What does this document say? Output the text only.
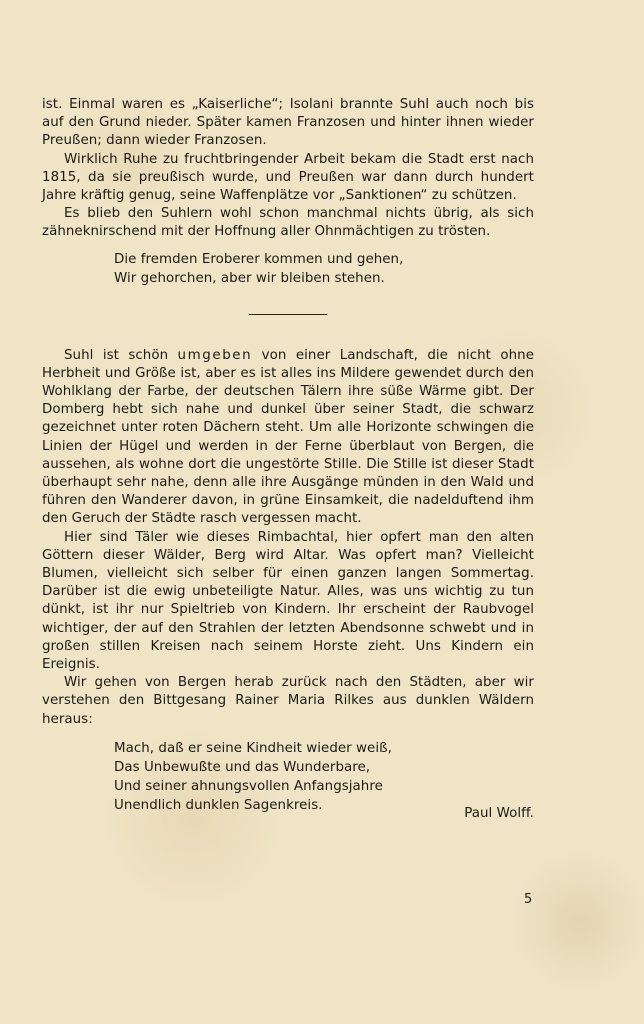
ist. Einmal waren es „Kaiserliche“; Isolani brannte Suhl auch noch bis auf den Grund nieder. Später kamen Franzosen und hinter ihnen wieder Preußen; dann wieder Franzosen.

Wirklich Ruhe zu fruchtbringender Arbeit bekam die Stadt erst nach 1815, da sie preußisch wurde, und Preußen war dann durch hundert Jahre kräftig genug, seine Waffenplätze vor „Sanktionen“ zu schützen.

Es blieb den Suhlern wohl schon manchmal nichts übrig, als sich zähneknirschend mit der Hoffnung aller Ohnmächtigen zu trösten.

Die fremden Eroberer kommen und gehen,
Wir gehorchen, aber wir bleiben stehen.

Suhl ist schön umgeben von einer Landschaft, die nicht ohne Herbheit und Größe ist, aber es ist alles ins Mildere gewendet durch den Wohlklang der Farbe, der deutschen Tälern ihre süße Wärme gibt. Der Domberg hebt sich nahe und dunkel über seiner Stadt, die schwarz gezeichnet unter roten Dächern steht. Um alle Horizonte schwingen die Linien der Hügel und werden in der Ferne überblaut von Bergen, die aussehen, als wohne dort die ungestörte Stille. Die Stille ist dieser Stadt überhaupt sehr nahe, denn alle ihre Ausgänge münden in den Wald und führen den Wanderer davon, in grüne Einsamkeit, die nadelduftend ihm den Geruch der Städte rasch vergessen macht.

Hier sind Täler wie dieses Rimbachtal, hier opfert man den alten Göttern dieser Wälder, Berg wird Altar. Was opfert man? Vielleicht Blumen, vielleicht sich selber für einen ganzen langen Sommertag. Darüber ist die ewig unbeteiligte Natur. Alles, was uns wichtig zu tun dünkt, ist ihr nur Spieltrieb von Kindern. Ihr erscheint der Raubvogel wichtiger, der auf den Strahlen der letzten Abendsonne schwebt und in großen stillen Kreisen nach seinem Horste zieht. Uns Kindern ein Ereignis.

Wir gehen von Bergen herab zurück nach den Städten, aber wir verstehen den Bittgesang Rainer Maria Rilkes aus dunklen Wäldern heraus:

Mach, daß er seine Kindheit wieder weiß,
Das Unbewußte und das Wunderbare,
Und seiner ahnungsvollen Anfangsjahre
Unendlich dunklen Sagenkreis.
Paul Wolff.
5
